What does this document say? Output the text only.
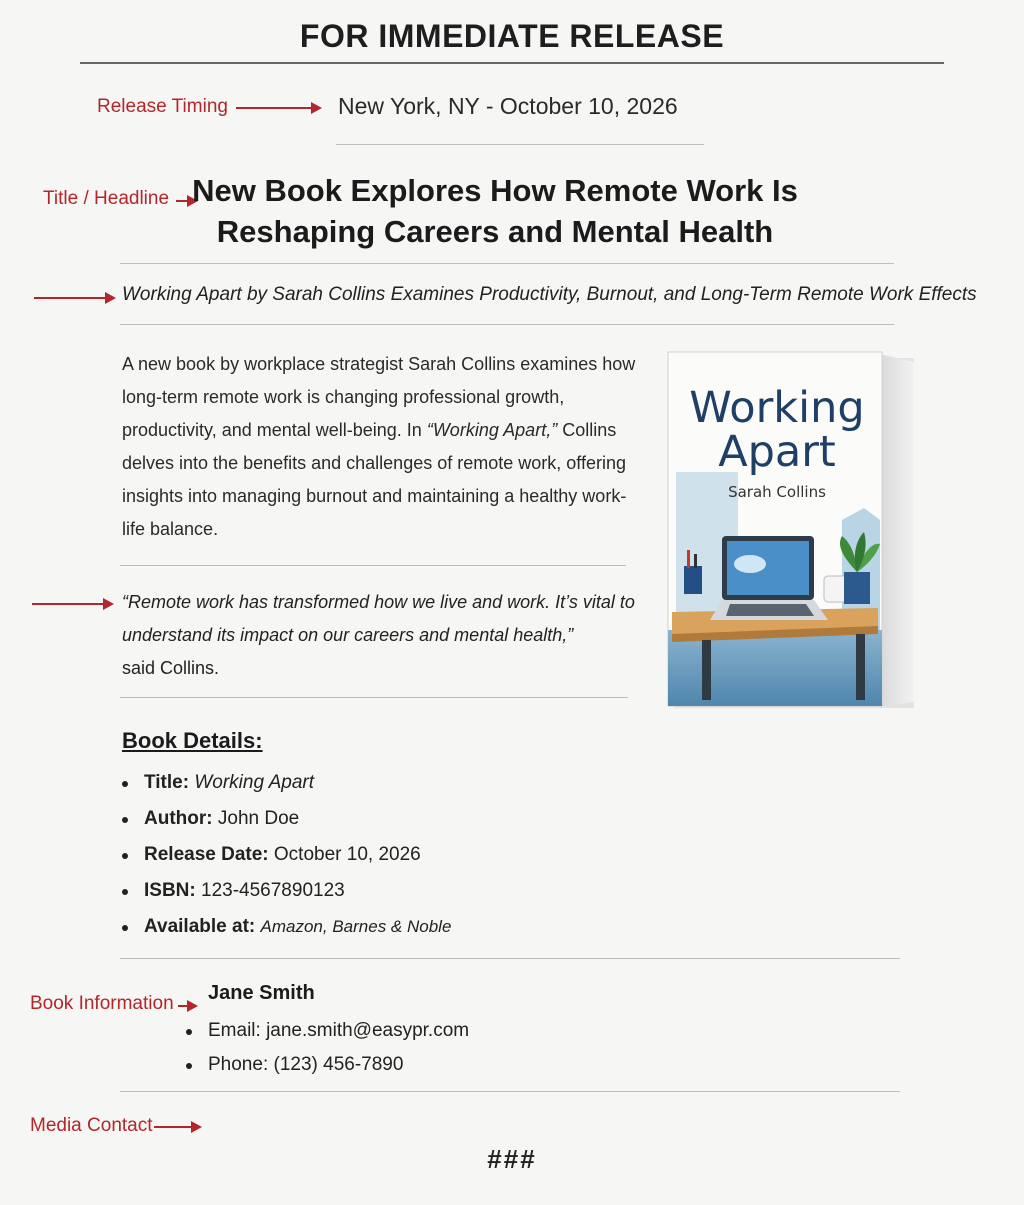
FOR IMMEDIATE RELEASE
Release Timing	New York, NY - October 10, 2026
Title / Headline New Book Explores How Remote Work Is
Reshaping Careers and Mental Health
Working Apart by Sarah Collins Examines Productivity, Burnout, and Long-Term Remote Work Effects
A new book by workplace strategist Sarah Collins examines how long-term remote work is changing professional growth, productivity, and mental well-being. In “Working Apart,” Collins delves into the benefits and challenges of remote work, offering insights into managing burnout and maintaining a healthy work-life balance.
“Remote work has transformed how we live and work. It’s vital to understand its impact on our careers and mental health,”
said Collins.
Working
Apart
Sarah Collins
Book Details:
Title: Working Apart
Author: John Doe
Release Date: October 10, 2026
ISBN: 123-4567890123
Available at: Amazon, Barnes & Noble
Book Information Jane Smith
Email: jane.smith@easypr.com
Phone: (123) 456-7890
Media Contact
###
